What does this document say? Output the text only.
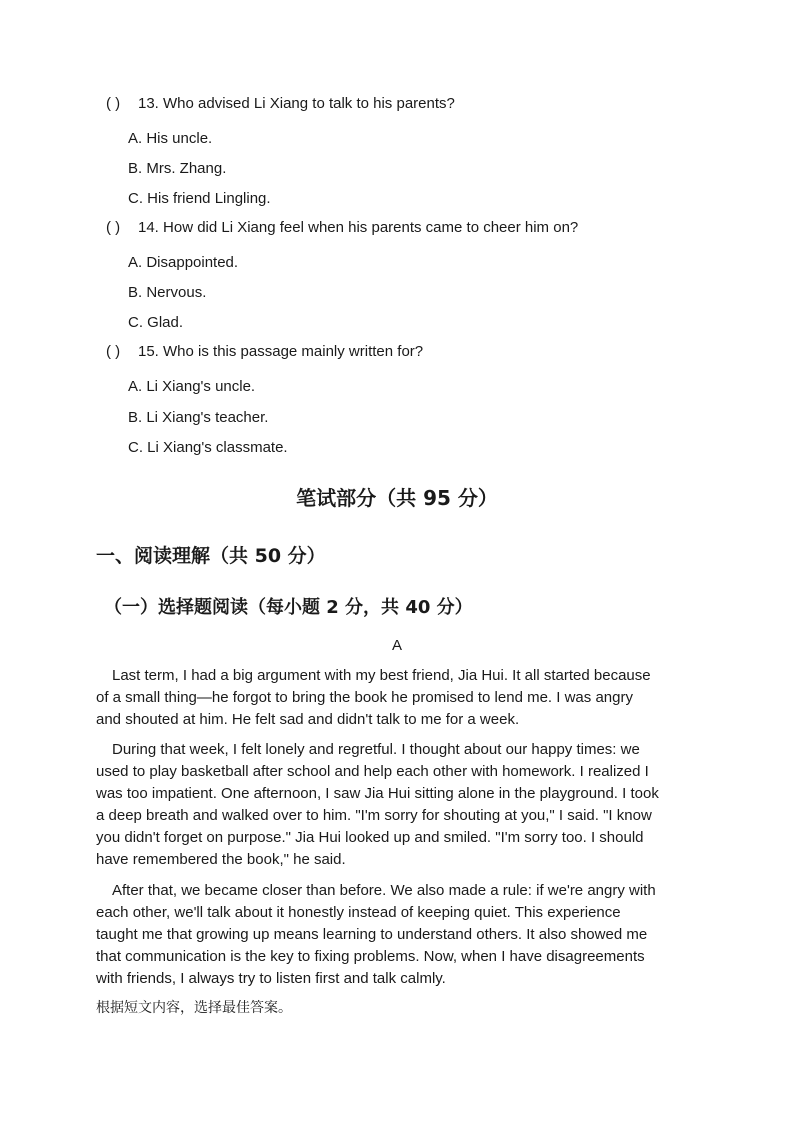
( ) 13. Who advised Li Xiang to talk to his parents?
A. His uncle.
B. Mrs. Zhang.
C. His friend Lingling.
( ) 14. How did Li Xiang feel when his parents came to cheer him on?
A. Disappointed.
B. Nervous.
C. Glad.
( ) 15. Who is this passage mainly written for?
A. Li Xiang's uncle.
B. Li Xiang's teacher.
C. Li Xiang's classmate.
笔试部分（共 95 分）
一、阅读理解（共 50 分）
（一）选择题阅读（每小题 2 分，共 40 分）
A
Last term, I had a big argument with my best friend, Jia Hui. It all started because
of a small thing—he forgot to bring the book he promised to lend me. I was angry
and shouted at him. He felt sad and didn't talk to me for a week.
During that week, I felt lonely and regretful. I thought about our happy times: we
used to play basketball after school and help each other with homework. I realized I
was too impatient. One afternoon, I saw Jia Hui sitting alone in the playground. I took
a deep breath and walked over to him. "I'm sorry for shouting at you," I said. "I know
you didn't forget on purpose." Jia Hui looked up and smiled. "I'm sorry too. I should
have remembered the book," he said.
After that, we became closer than before. We also made a rule: if we're angry with
each other, we'll talk about it honestly instead of keeping quiet. This experience
taught me that growing up means learning to understand others. It also showed me
that communication is the key to fixing problems. Now, when I have disagreements
with friends, I always try to listen first and talk calmly.
根据短文内容，选择最佳答案。
